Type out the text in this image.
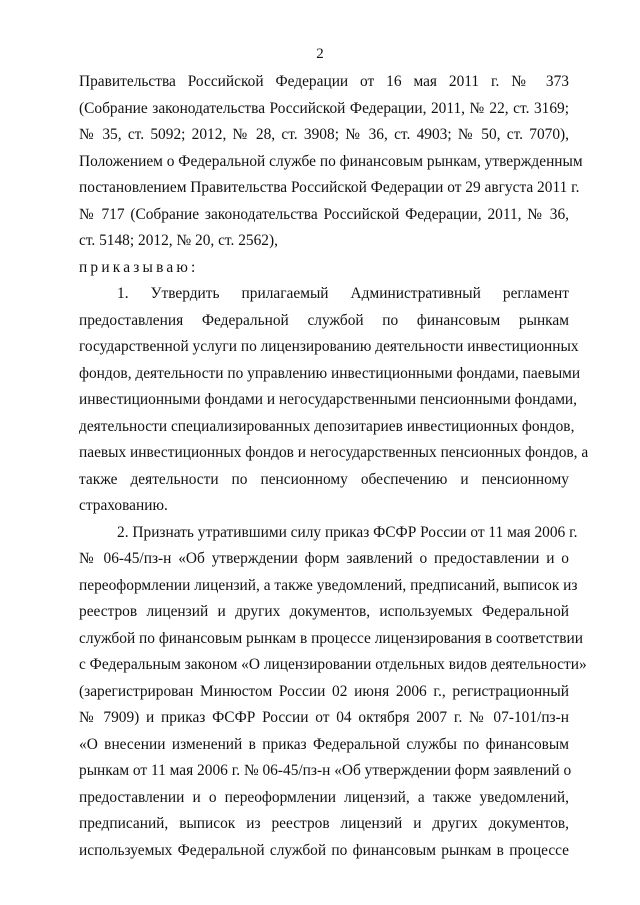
2
Правительства Российской Федерации от 16 мая 2011 г. № 373
(Собрание законодательства Российской Федерации, 2011, № 22, ст. 3169;
№ 35, ст. 5092; 2012, № 28, ст. 3908; № 36, ст. 4903; № 50, ст. 7070),
Положением о Федеральной службе по финансовым рынкам, утвержденным
постановлением Правительства Российской Федерации от 29 августа 2011 г.
№ 717 (Собрание законодательства Российской Федерации, 2011, № 36,
ст. 5148; 2012, № 20, ст. 2562),
приказываю:
1. Утвердить прилагаемый Административный регламент
предоставления Федеральной службой по финансовым рынкам
государственной услуги по лицензированию деятельности инвестиционных
фондов, деятельности по управлению инвестиционными фондами, паевыми
инвестиционными фондами и негосударственными пенсионными фондами,
деятельности специализированных депозитариев инвестиционных фондов,
паевых инвестиционных фондов и негосударственных пенсионных фондов, а
также деятельности по пенсионному обеспечению и пенсионному
страхованию.
2. Признать утратившими силу приказ ФСФР России от 11 мая 2006 г.
№ 06-45/пз-н «Об утверждении форм заявлений о предоставлении и о
переоформлении лицензий, а также уведомлений, предписаний, выписок из
реестров лицензий и других документов, используемых Федеральной
службой по финансовым рынкам в процессе лицензирования в соответствии
с Федеральным законом «О лицензировании отдельных видов деятельности»
(зарегистрирован Минюстом России 02 июня 2006 г., регистрационный
№ 7909) и приказ ФСФР России от 04 октября 2007 г. № 07-101/пз-н
«О внесении изменений в приказ Федеральной службы по финансовым
рынкам от 11 мая 2006 г. № 06-45/пз-н «Об утверждении форм заявлений о
предоставлении и о переоформлении лицензий, а также уведомлений,
предписаний, выписок из реестров лицензий и других документов,
используемых Федеральной службой по финансовым рынкам в процессе
